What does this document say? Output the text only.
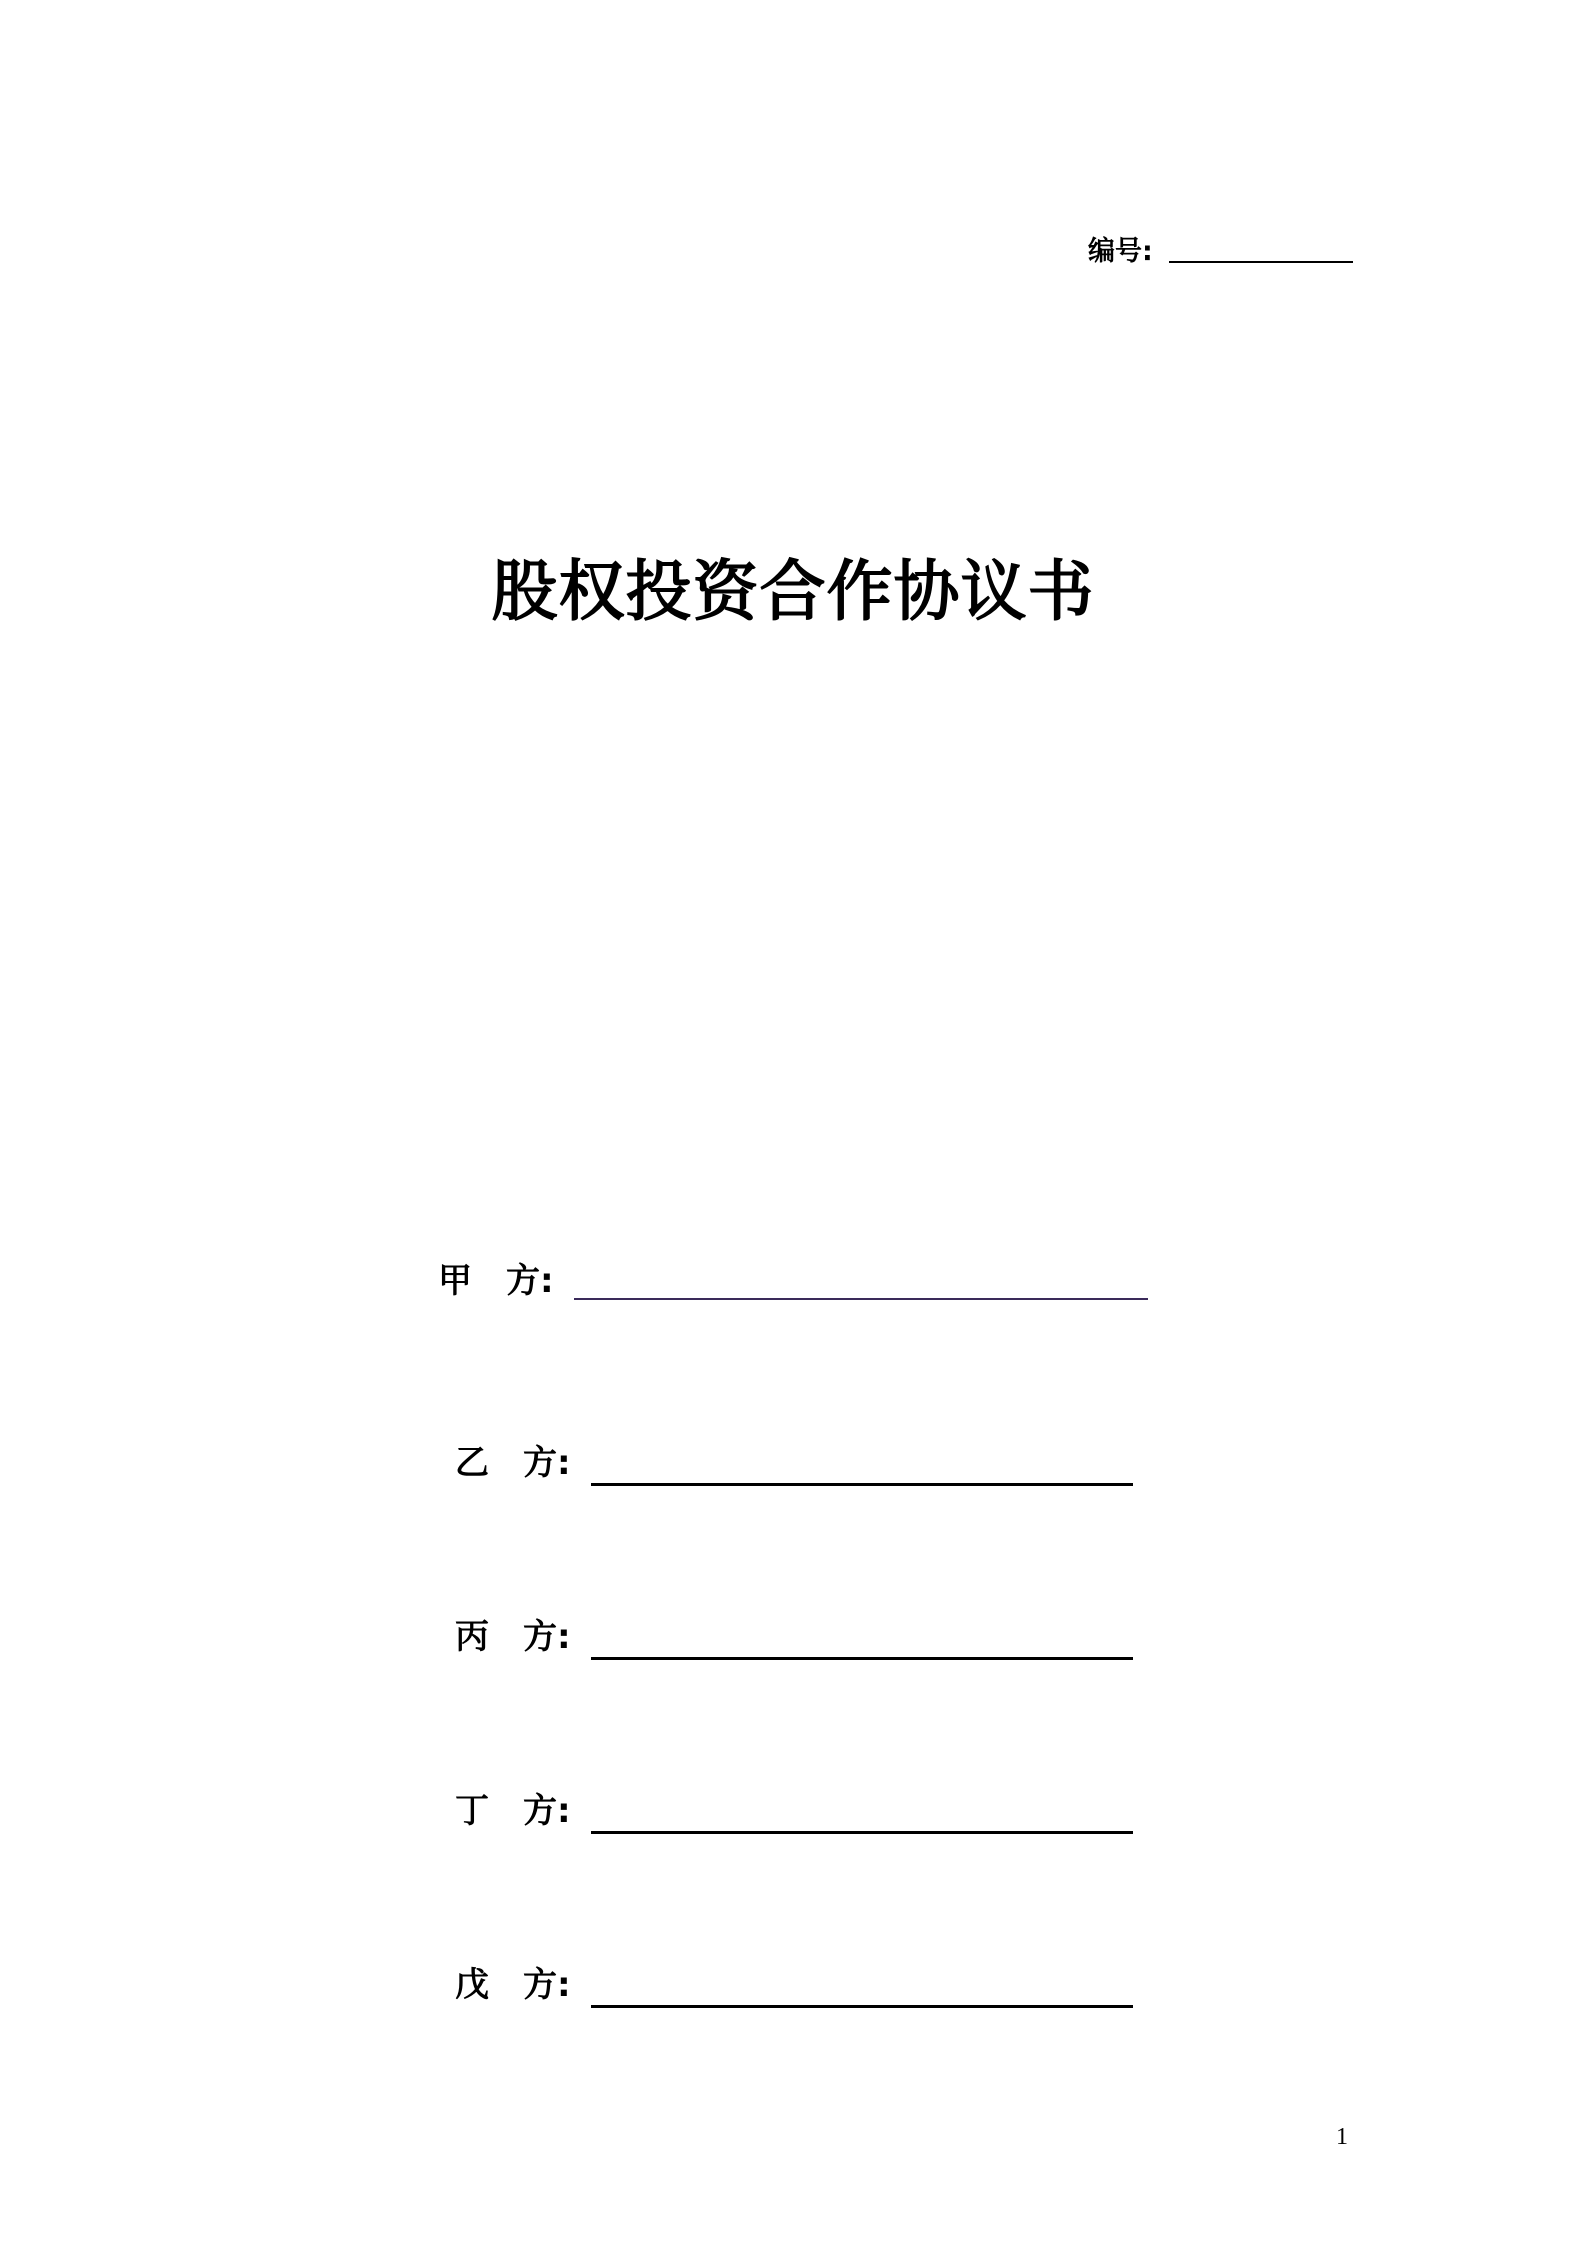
编号:
股权投资合作协议书
甲　方:
乙　方:
丙　方:
丁　方:
戊　方:
1
